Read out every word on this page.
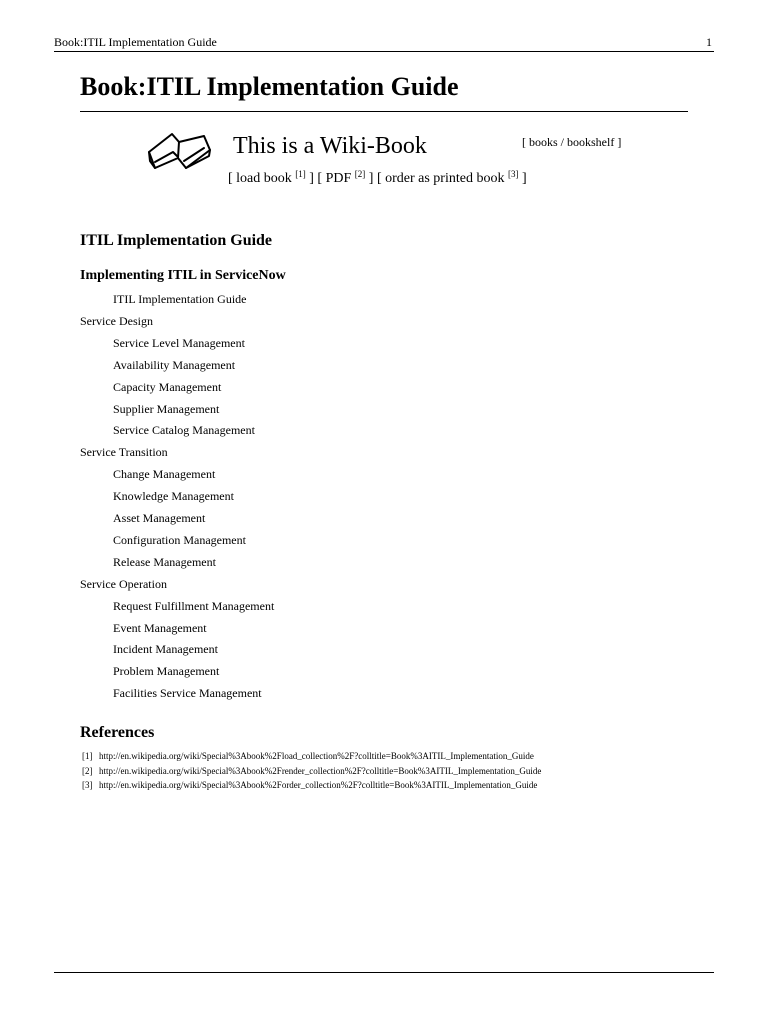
Book:ITIL Implementation Guide	1
Book:ITIL Implementation Guide
This is a Wiki-Book	[ books / bookshelf ]
[ load book [1] ] [ PDF [2] ] [ order as printed book [3] ]
ITIL Implementation Guide
Implementing ITIL in ServiceNow
ITIL Implementation Guide
Service Design
Service Level Management
Availability Management
Capacity Management
Supplier Management
Service Catalog Management
Service Transition
Change Management
Knowledge Management
Asset Management
Configuration Management
Release Management
Service Operation
Request Fulfillment Management
Event Management
Incident Management
Problem Management
Facilities Service Management
References
[1] http://en.wikipedia.org/wiki/Special%3Abook%2Fload_collection%2F?colltitle=Book%3AITIL_Implementation_Guide
[2] http://en.wikipedia.org/wiki/Special%3Abook%2Frender_collection%2F?colltitle=Book%3AITIL_Implementation_Guide
[3] http://en.wikipedia.org/wiki/Special%3Abook%2Forder_collection%2F?colltitle=Book%3AITIL_Implementation_Guide
